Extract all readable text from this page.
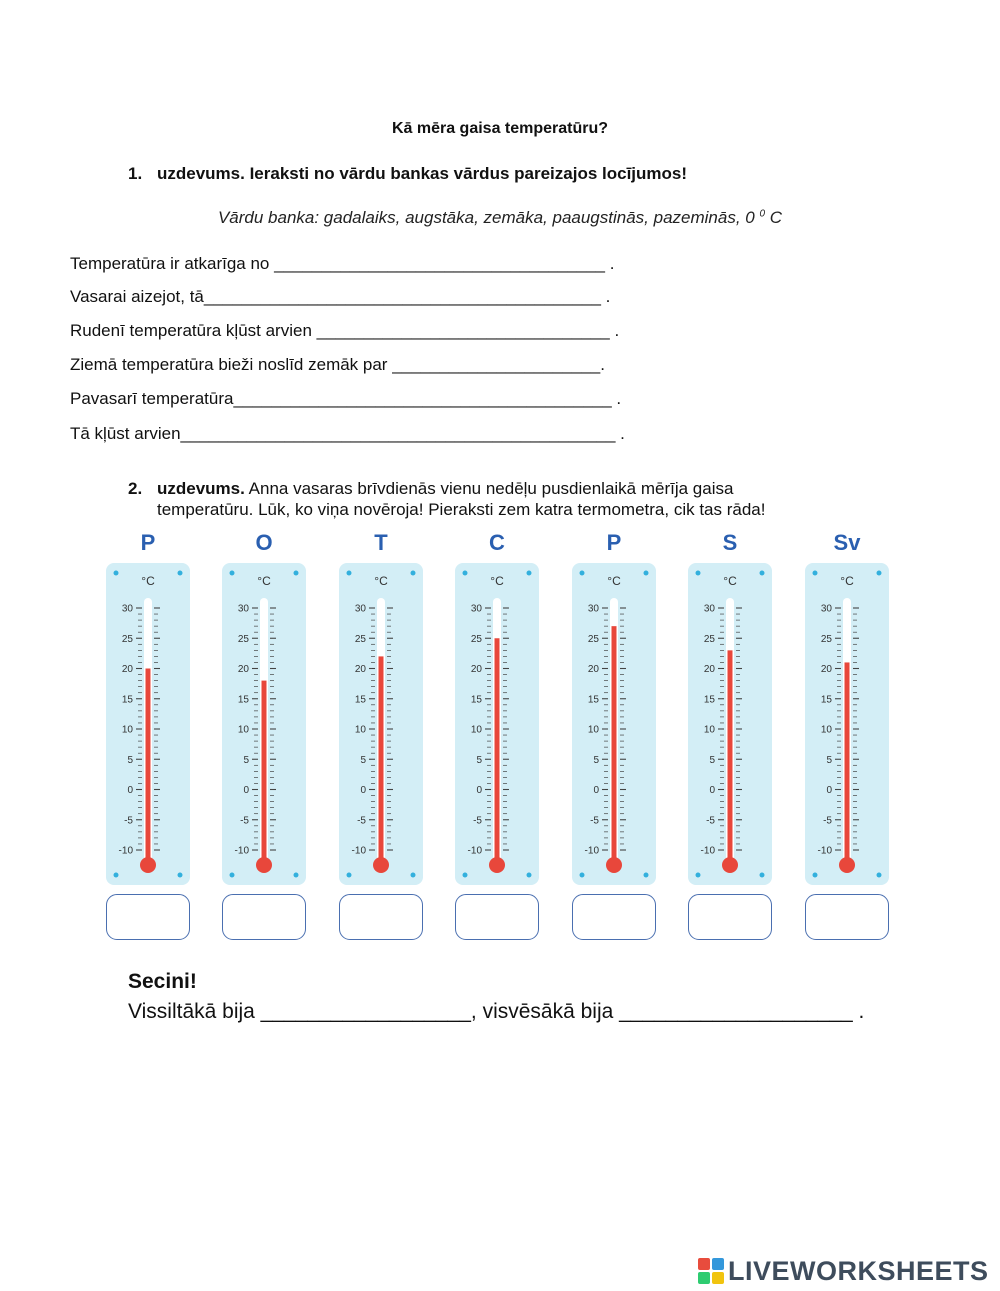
Kā mēra gaisa temperatūru?
1. uzdevums. Ieraksti no vārdu bankas vārdus pareizajos locījumos!
Vārdu banka: gadalaiks, augstāka, zemāka, paaugstinās, pazeminās, 0 $^0$ C
Temperatūra ir atkarīga no ___________________________________ .
Vasarai aizejot, tā__________________________________________ .
Rudenī temperatūra kļūst arvien _______________________________ .
Ziemā temperatūra bieži noslīd zemāk par ______________________.
Pavasarī temperatūra________________________________________ .
Tā kļūst arvien______________________________________________ .
2. uzdevums. Anna vasaras brīvdienās vienu nedēļu pusdienlaikā mērīja gaisa
temperatūru. Lūk, ko viņa novēroja! Pieraksti zem katra termometra, cik tas rāda!
P	O	T	C	P	S	Sv
°C
30
25
20
15
10
5
0
-5
-10
°C
30
25
20
15
10
5
0
-5
-10
°C
30
25
20
15
10
5
0
-5
-10
°C
30
25
20
15
10
5
0
-5
-10
°C
30
25
20
15
10
5
0
-5
-10
°C
30
25
20
15
10
5
0
-5
-10
°C
30
25
20
15
10
5
0
-5
-10
Secini!
Vissiltākā bija __________________, visvēsākā bija ____________________ .
LIVEWORKSHEETS
